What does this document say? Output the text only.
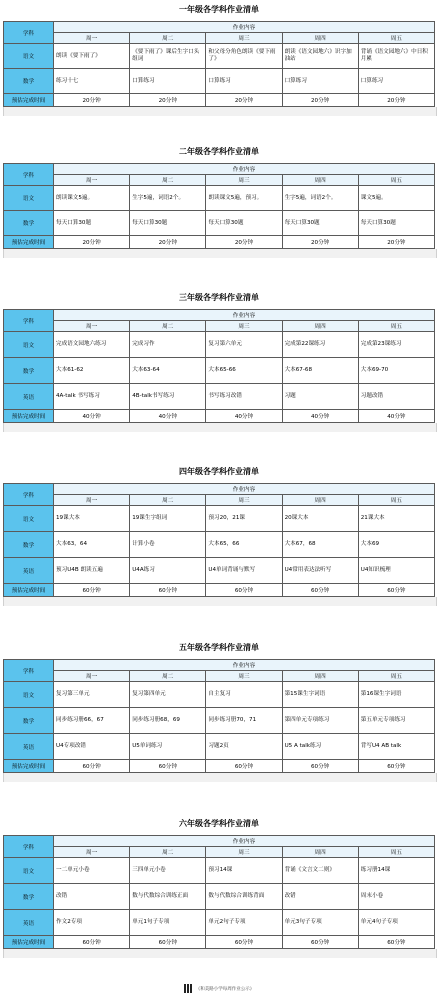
一年级各学科作业清单
学科	作业内容				
	周一	周二	周三	周四	周五
语文	朗读《要下雨了》	《要下雨了》课后生字口头组词	和父母分角色朗读《要下雨了》	朗读《语文园地六》识字加油站	背诵《语文园地六》中日积月累
数学	练习十七	口算练习	口算练习	口算练习	口算练习
预估完成时间	20分钟	20分钟	20分钟	20分钟	20分钟
二年级各学科作业清单
学科	作业内容				
	周一	周二	周三	周四	周五
语文	朗读课文5遍。	生字5遍，词语2个。	朗读课文5遍，预习。	生字5遍，词语2个。	课文5遍。
数学	每天口算30题	每天口算30题	每天口算30题	每天口算30题	每天口算30题
预估完成时间	20分钟	20分钟	20分钟	20分钟	20分钟
三年级各学科作业清单
学科	作业内容				
	周一	周二	周三	周四	周五
语文	完成语文园地六练习	完成习作	复习第六单元	完成第22课练习	完成第23课练习
数学	大本61-62	大本63-64	大本65-66	大本67-68	大本69-70
英语	4A-talk 书写练习	4B-talk书写练习	书写练习改错	习题	习题改错
预估完成时间	40分钟	40分钟	40分钟	40分钟	40分钟
四年级各学科作业清单
学科	作业内容				
	周一	周二	周三	周四	周五
语文	19课大本	19课生字组词	预习20，21课	20课大本	21课大本
数学	大本63，64	计算小卷	大本65，66	大本67，68	大本69
英语	预习U4B 朗读五遍	U4A练习	U4单词背诵与默写	U4常用表达法听写	U4知识梳理
预估完成时间	60分钟	60分钟	60分钟	60分钟	60分钟
五年级各学科作业清单
学科	作业内容				
	周一	周二	周三	周四	周五
语文	复习第三单元	复习第四单元	自主复习	第15课生字词语	第16课生字词语
数学	同步练习册66，67	同步练习册68，69	同步练习册70，71	第四单元专项练习	第五单元专项练习
英语	U4专项改错	U5单词练习	习题2页	U5 A talk练习	背写U4 AB talk
预估完成时间	60分钟	60分钟	60分钟	60分钟	60分钟
六年级各学科作业清单
学科	作业内容				
	周一	周二	周三	周四	周五
语文	一二单元小卷	三四单元小卷	预习14课	背诵《文言文二则》	练习册14课
数学	改错	数与代数综合训练正面	数与代数综合训练背面	改错	周末小卷
英语	作文2专项	单元1句子专项	单元2句子专项	单元3句子专项	单元4句子专项
预估完成时间	60分钟	60分钟	60分钟	60分钟	60分钟
《和美路小学每周作业公示》
